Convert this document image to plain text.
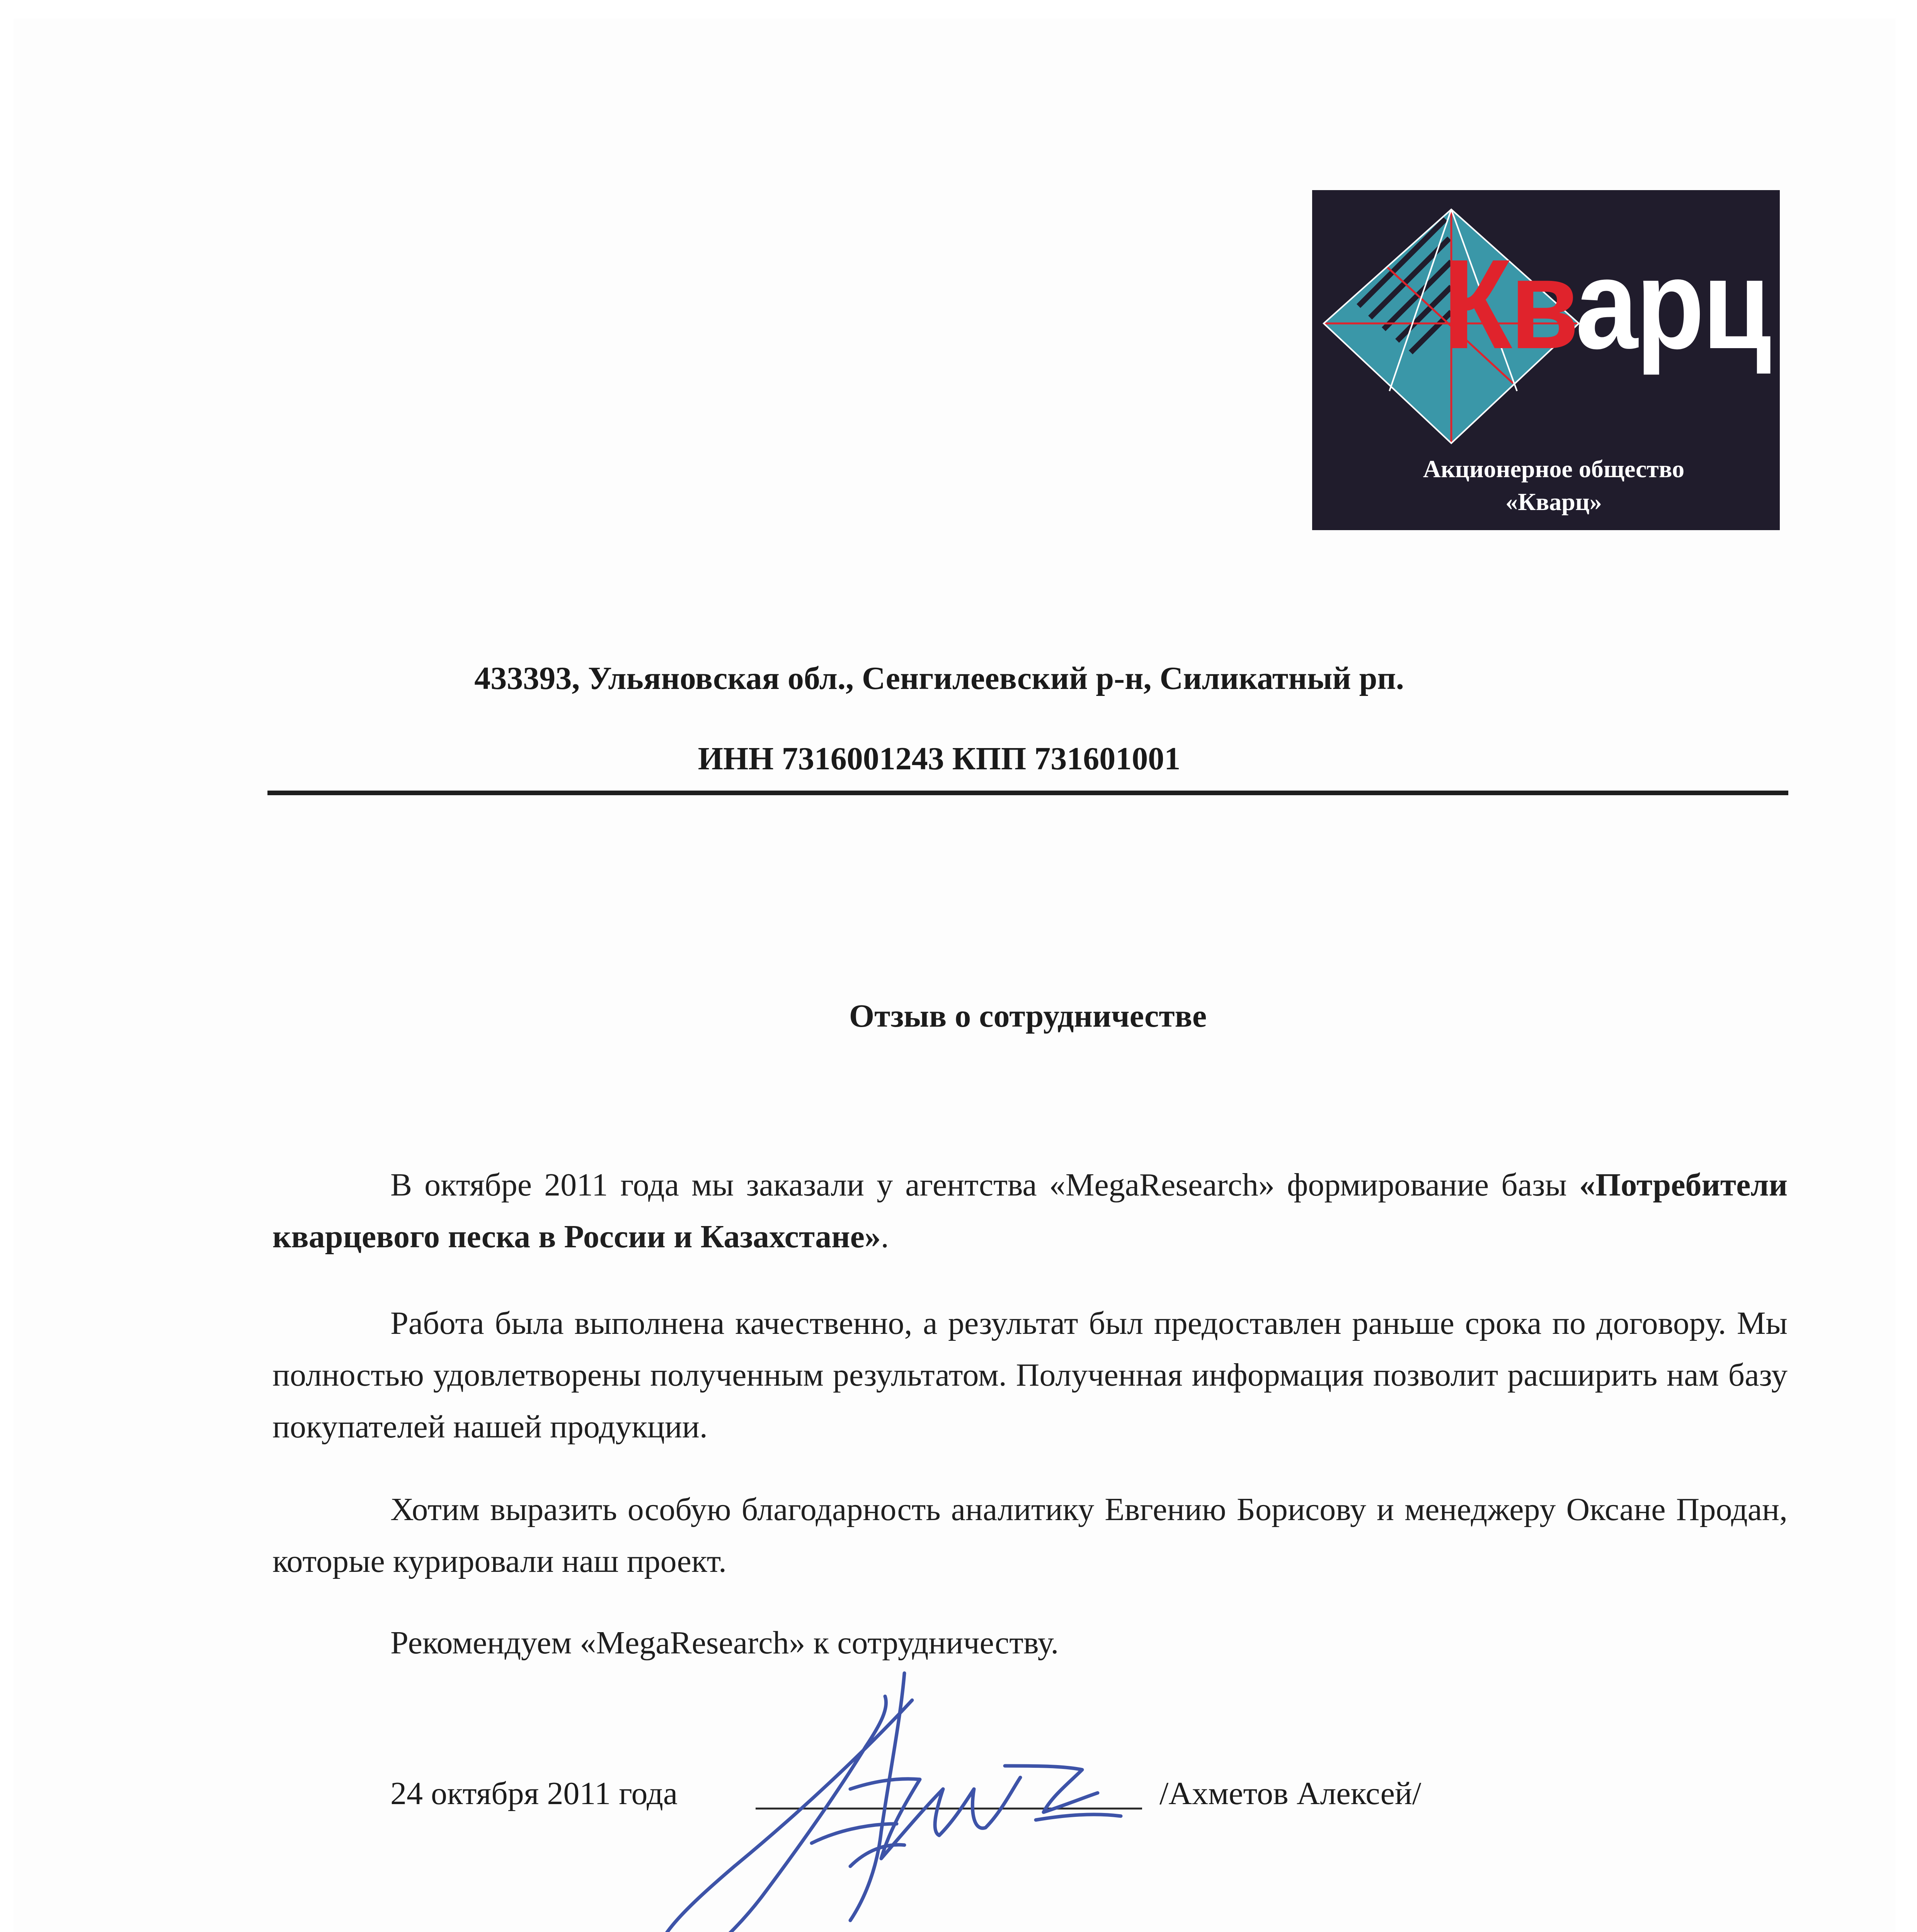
Кварц
Акционерное общество
«Кварц»
433393, Ульяновская обл., Сенгилеевский р-н, Силикатный рп.
ИНН 7316001243 КПП 731601001
Отзыв о сотрудничестве
В октябре 2011 года мы заказали у агентства «MegaResearch» формирование базы «Потребители кварцевого песка в России и Казахстане».
Работа была выполнена качественно, а результат был предоставлен раньше срока по договору. Мы полностью удовлетворены полученным результатом. Полученная информация позволит расширить нам базу покупателей нашей продукции.
Хотим выразить особую благодарность аналитику Евгению Борисову и менеджеру Оксане Продан, которые курировали наш проект.
Рекомендуем «MegaResearch» к сотрудничеству.
24 октября 2011 года	/Ахметов Алексей/
